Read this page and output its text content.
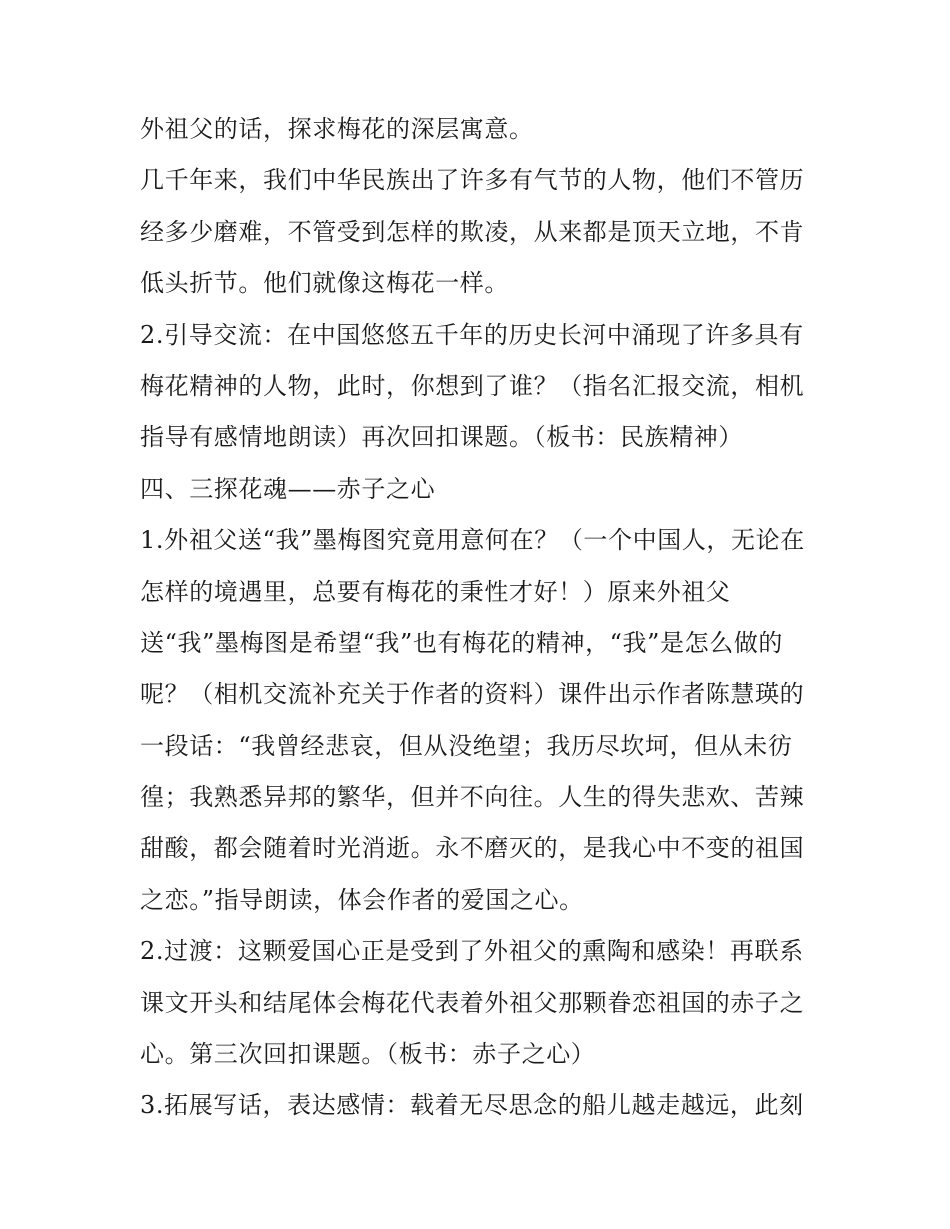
外祖父的话，探求梅花的深层寓意。
几千年来，我们中华民族出了许多有气节的人物，他们不管历
经多少磨难，不管受到怎样的欺凌，从来都是顶天立地，不肯
低头折节。他们就像这梅花一样。
2.引导交流：在中国悠悠五千年的历史长河中涌现了许多具有
梅花精神的人物，此时，你想到了谁？（指名汇报交流，相机
指导有感情地朗读）再次回扣课题。（板书：民族精神）
四、三探花魂——赤子之心
1.外祖父送“我”墨梅图究竟用意何在？（一个中国人，无论在
怎样的境遇里，总要有梅花的秉性才好！）原来外祖父
送“我”墨梅图是希望“我”也有梅花的精神，“我”是怎么做的
呢？（相机交流补充关于作者的资料）课件出示作者陈慧瑛的
一段话：“我曾经悲哀，但从没绝望；我历尽坎坷，但从未彷
徨；我熟悉异邦的繁华，但并不向往。人生的得失悲欢、苦辣
甜酸，都会随着时光消逝。永不磨灭的，是我心中不变的祖国
之恋。”指导朗读，体会作者的爱国之心。
2.过渡：这颗爱国心正是受到了外祖父的熏陶和感染！再联系
课文开头和结尾体会梅花代表着外祖父那颗眷恋祖国的赤子之
心。第三次回扣课题。（板书：赤子之心）
3.拓展写话，表达感情：载着无尽思念的船儿越走越远，此刻
